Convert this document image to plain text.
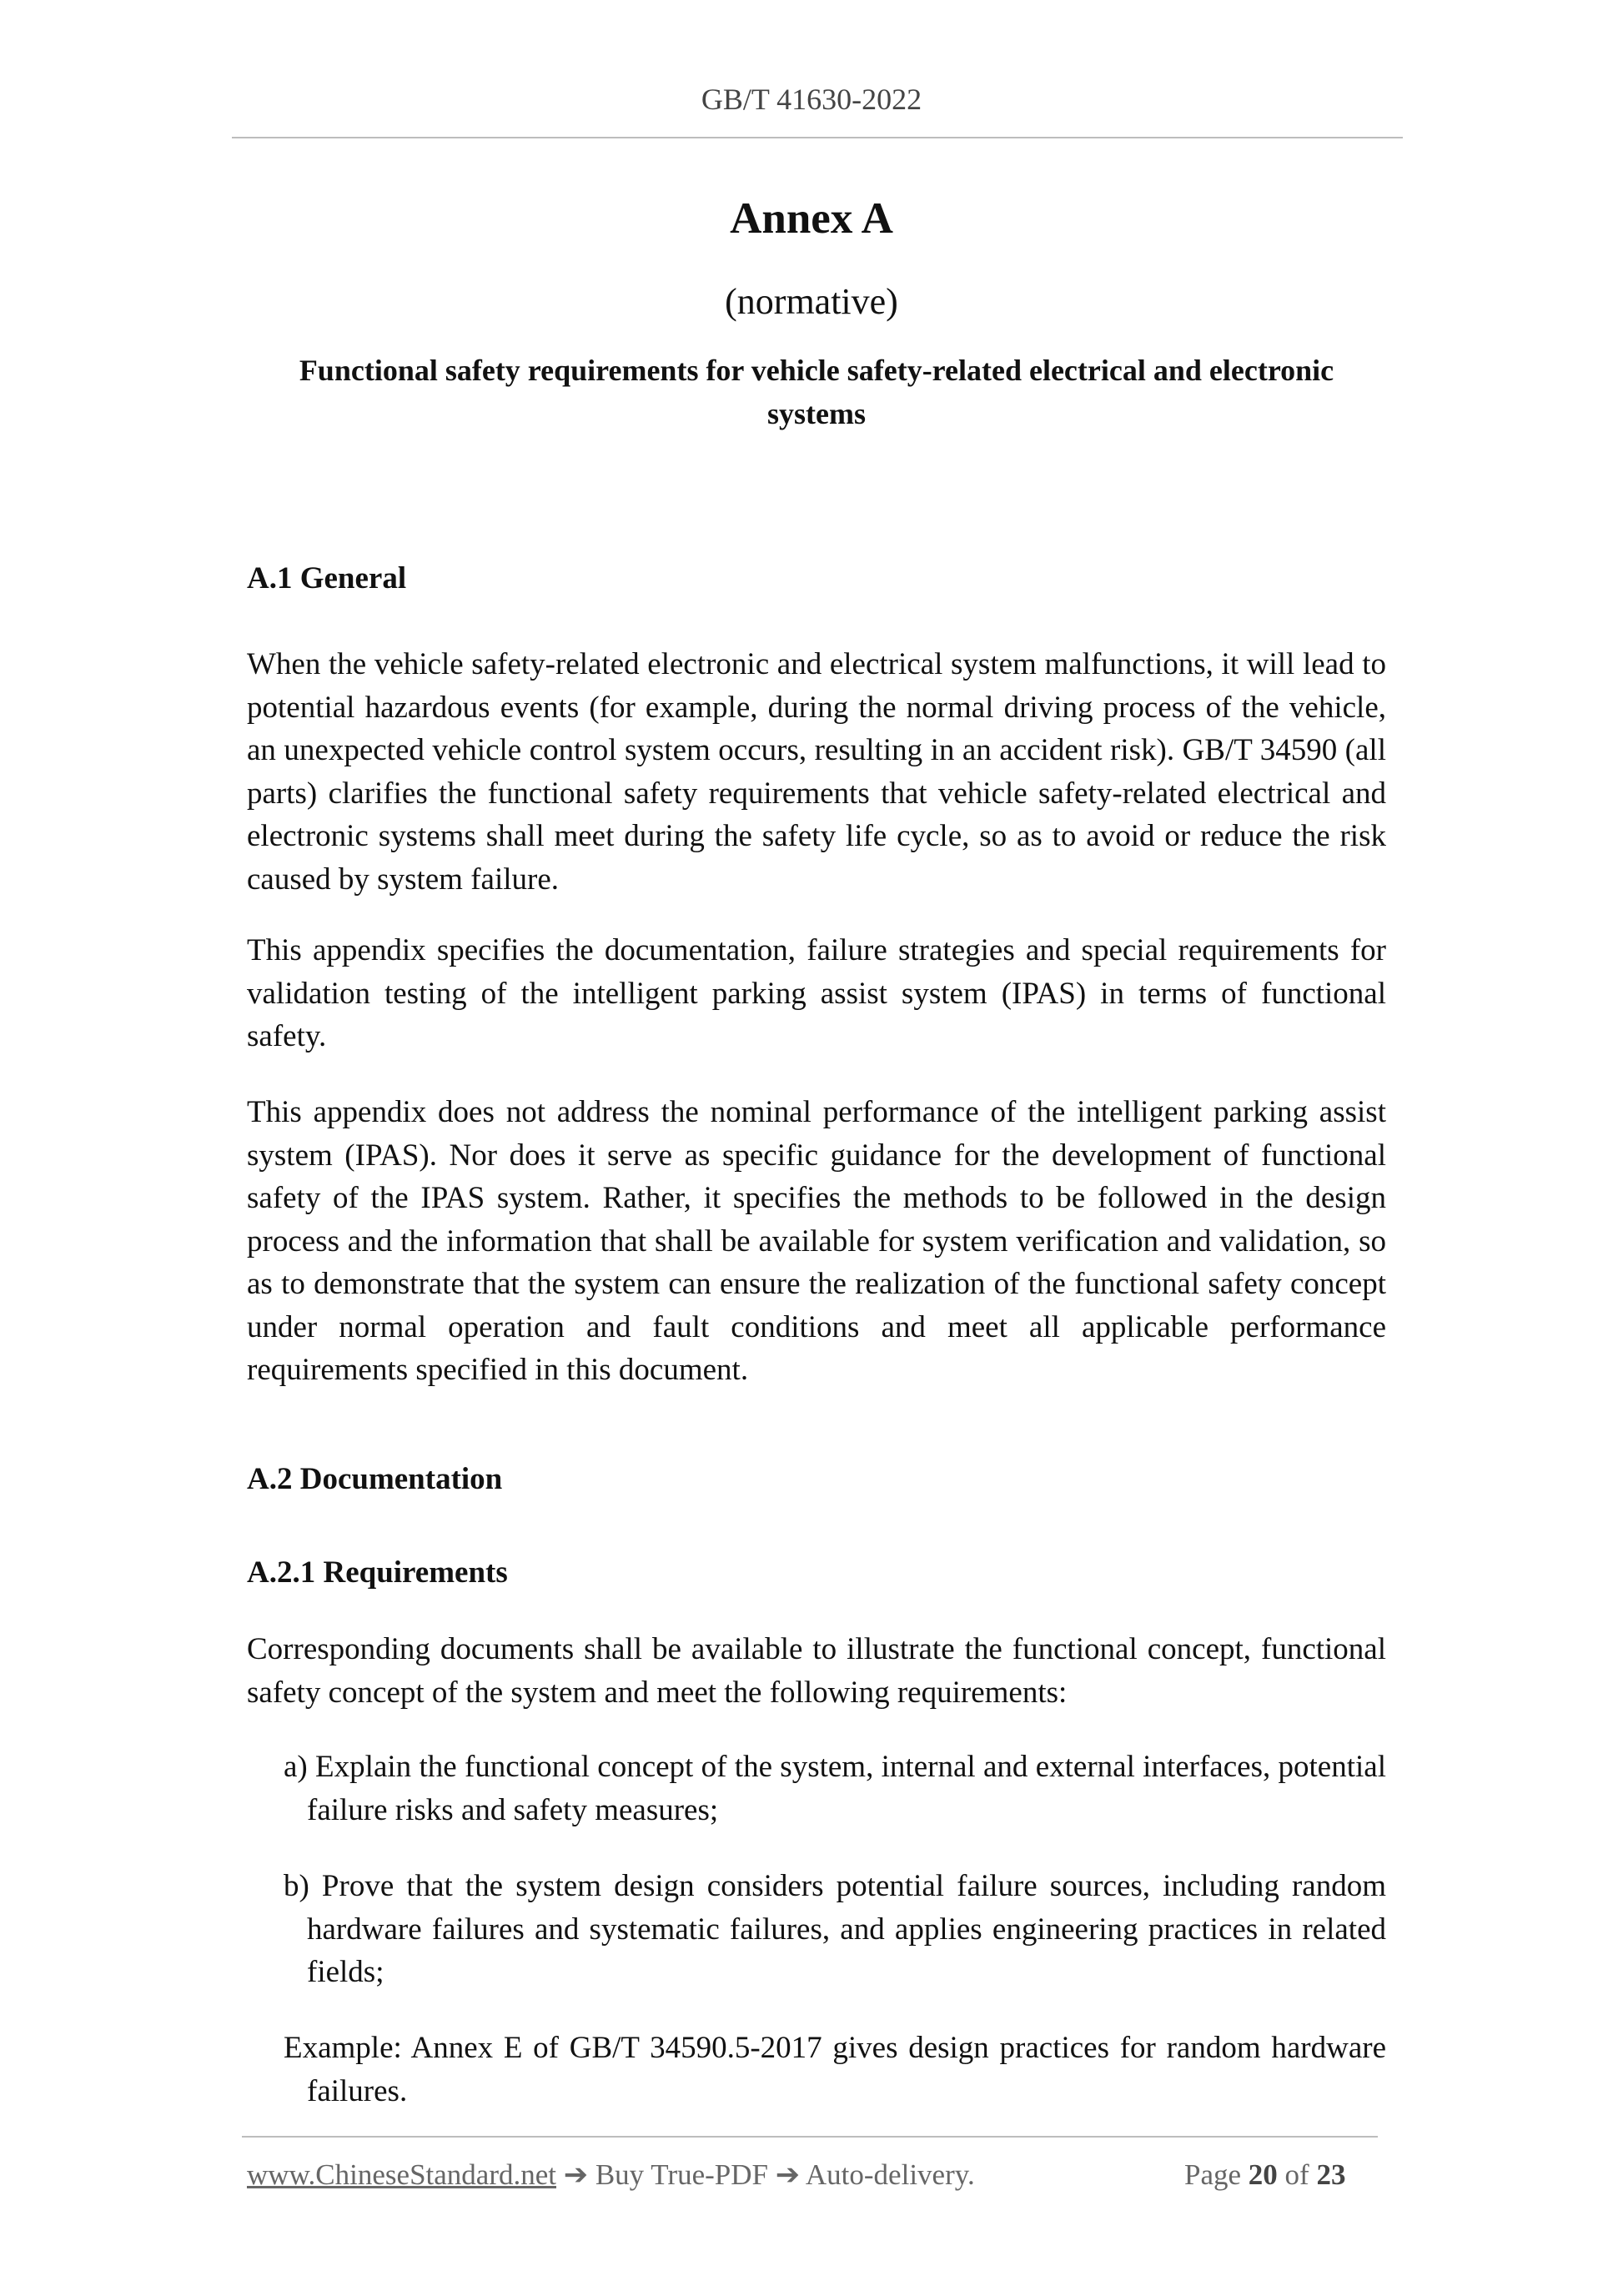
GB/T 41630-2022
Annex A
(normative)
Functional safety requirements for vehicle safety-related electrical and electronic systems
A.1 General
When the vehicle safety-related electronic and electrical system malfunctions, it will lead to potential hazardous events (for example, during the normal driving process of the vehicle, an unexpected vehicle control system occurs, resulting in an accident risk). GB/T 34590 (all parts) clarifies the functional safety requirements that vehicle safety-related electrical and electronic systems shall meet during the safety life cycle, so as to avoid or reduce the risk caused by system failure.
This appendix specifies the documentation, failure strategies and special requirements for validation testing of the intelligent parking assist system (IPAS) in terms of functional safety.
This appendix does not address the nominal performance of the intelligent parking assist system (IPAS). Nor does it serve as specific guidance for the development of functional safety of the IPAS system. Rather, it specifies the methods to be followed in the design process and the information that shall be available for system verification and validation, so as to demonstrate that the system can ensure the realization of the functional safety concept under normal operation and fault conditions and meet all applicable performance requirements specified in this document.
A.2 Documentation
A.2.1 Requirements
Corresponding documents shall be available to illustrate the functional concept, functional safety concept of the system and meet the following requirements:
a) Explain the functional concept of the system, internal and external interfaces, potential failure risks and safety measures;
b) Prove that the system design considers potential failure sources, including random hardware failures and systematic failures, and applies engineering practices in related fields;
Example: Annex E of GB/T 34590.5-2017 gives design practices for random hardware failures.
www.ChineseStandard.net ➔ Buy True-PDF ➔ Auto-delivery.	Page 20 of 23
